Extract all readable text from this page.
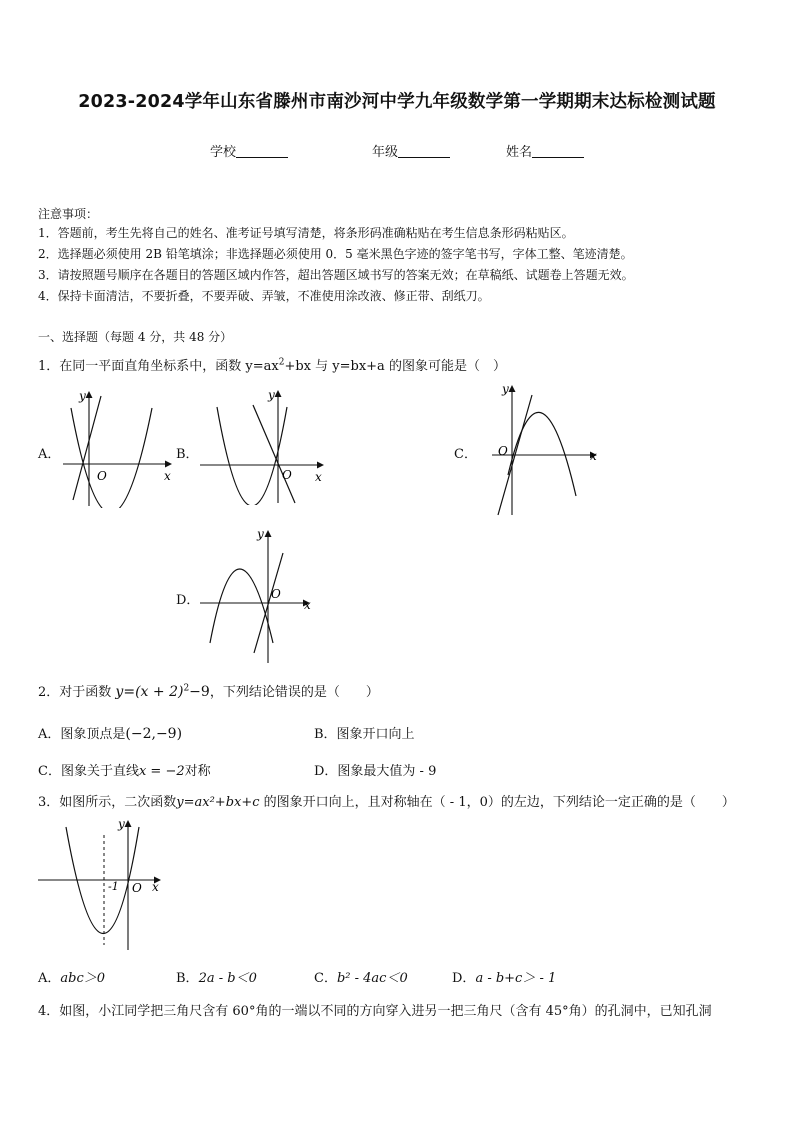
2023-2024学年山东省滕州市南沙河中学九年级数学第一学期期末达标检测试题
学校	年级	姓名
注意事项：
1．答题前，考生先将自己的姓名、准考证号填写清楚，将条形码准确粘贴在考生信息条形码粘贴区。
2．选择题必须使用 2B 铅笔填涂；非选择题必须使用 0．5 毫米黑色字迹的签字笔书写，字体工整、笔迹清楚。
3．请按照题号顺序在各题目的答题区域内作答，超出答题区域书写的答案无效；在草稿纸、试题卷上答题无效。
4．保持卡面清洁，不要折叠，不要弄破、弄皱，不准使用涂改液、修正带、刮纸刀。
一、选择题（每题 4 分，共 48 分）
1．在同一平面直角坐标系中，函数 $y=ax^2+bx$ 与 y=bx+a 的图象可能是（　）
A．	B．	C．
D．
y
x
O
y
x
O
y
x
O
y
x
O
2．对于函数 $y=(x + 2)^2-9$，下列结论错误的是（　　）
A．图象顶点是(−2,−9)	B．图象开口向上
C．图象关于直线x = −2对称	D．图象最大值为 - 9
3．如图所示，二次函数y=ax²+bx+c 的图象开口向上，且对称轴在（ - 1，0）的左边，下列结论一定正确的是（　　）
y
x
O
-1
A．abc＞0	B．2a - b＜0	C．b² - 4ac＜0	D．a - b+c＞ - 1
4．如图，小江同学把三角尺含有 60°角的一端以不同的方向穿入进另一把三角尺（含有 45°角）的孔洞中，已知孔洞
